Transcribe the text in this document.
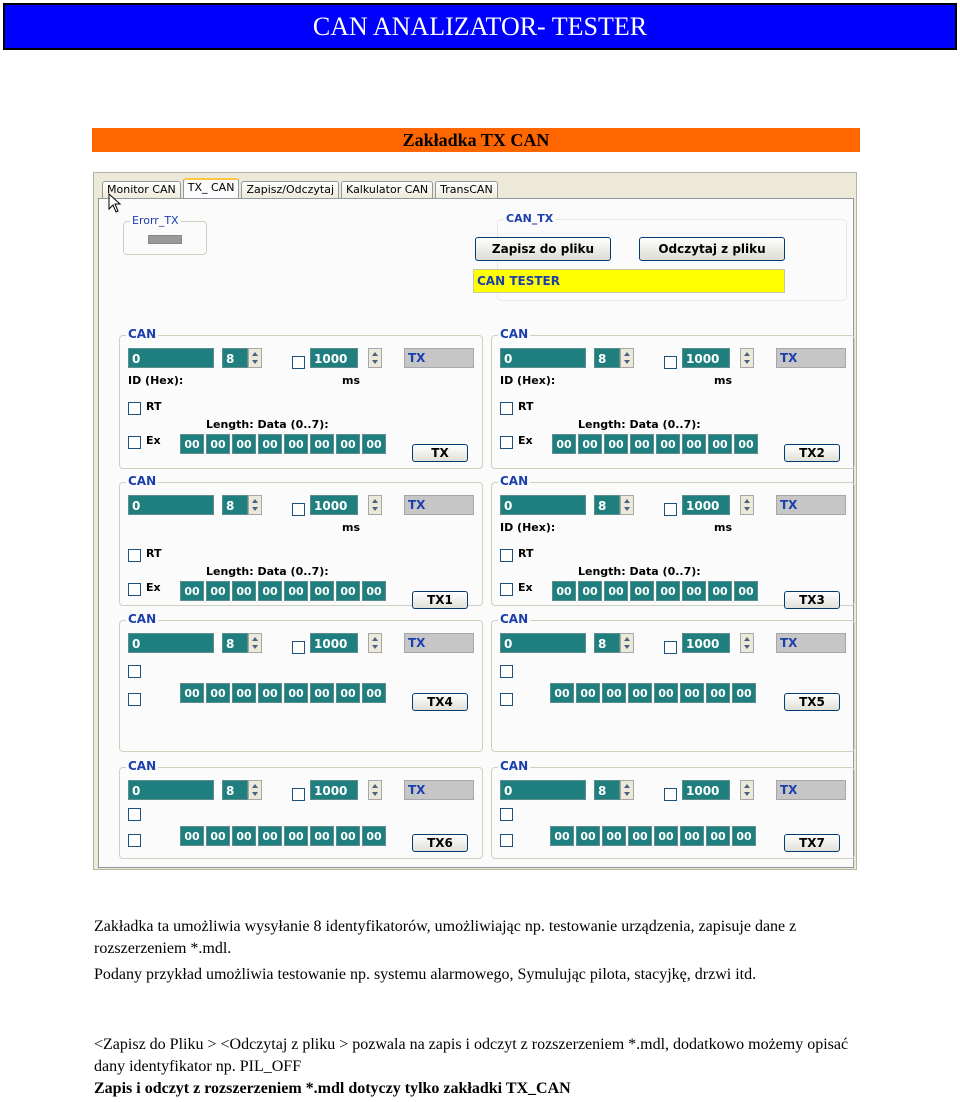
CAN ANALIZATOR- TESTER
Zakładka TX CAN
Monitor CAN	TX_ CAN	Zapisz/Odczytaj	Kalkulator CAN	TransCAN
Erorr_TX	CAN_TX
Zapisz do pliku	Odczytaj z pliku
CAN TESTER
CAN
0	8	1000	TX
ID (Hex):	ms
RT
Length: Data (0..7):
Ex	00 00 00 00 00 00 00 00
TX
CAN
0	8	1000	TX
ID (Hex):	ms
RT
Length: Data (0..7):
Ex	00 00 00 00 00 00 00 00
TX2
CAN
0	8	1000	TX
ms
RT
Length: Data (0..7):
Ex	00 00 00 00 00 00 00 00
TX1
CAN
0	8	1000	TX
ID (Hex):	ms
RT
Length: Data (0..7):
Ex	00 00 00 00 00 00 00 00
TX3
CAN
0	8	1000	TX
00 00 00 00 00 00 00 00
TX4
CAN
0	8	1000	TX
00 00 00 00 00 00 00 00
TX5
CAN
0	8	1000	TX
00 00 00 00 00 00 00 00	TX6
CAN
0	8	1000	TX
00 00 00 00 00 00 00 00	TX7
Zakładka ta umożliwia wysyłanie 8 identyfikatorów, umożliwiając np. testowanie urządzenia, zapisuje dane z rozszerzeniem *.mdl.
Podany przykład umożliwia testowanie np. systemu alarmowego, Symulując pilota, stacyjkę, drzwi itd.
<Zapisz do Pliku > <Odczytaj z pliku > pozwala na zapis i odczyt z rozszerzeniem *.mdl, dodatkowo możemy opisać dany identyfikator np. PIL_OFF
Zapis i odczyt z rozszerzeniem *.mdl dotyczy tylko zakładki TX_CAN
